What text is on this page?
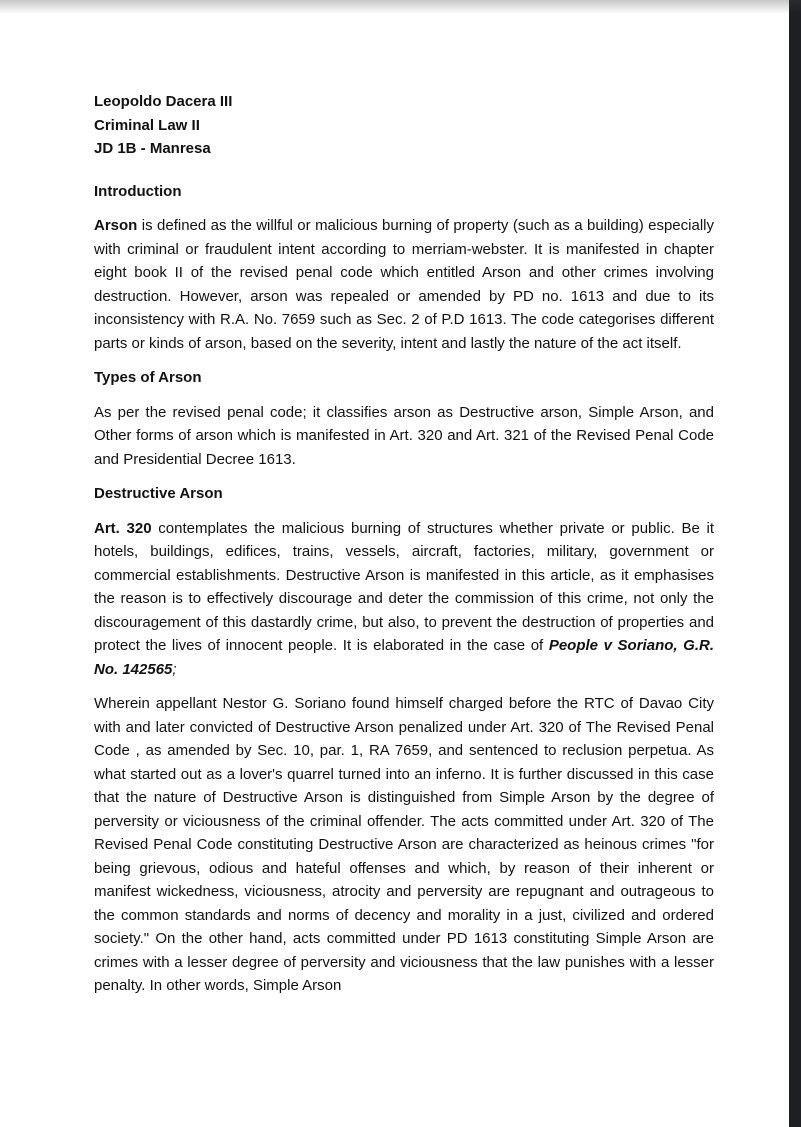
Leopoldo Dacera III

Criminal Law II

JD 1B - Manresa

Introduction

Arson is defined as the willful or malicious burning of property (such as a building) especially with criminal or fraudulent intent according to merriam-webster. It is manifested in chapter eight book II of the revised penal code which entitled Arson and other crimes involving destruction. However, arson was repealed or amended by PD no. 1613 and due to its inconsistency with R.A. No. 7659 such as Sec. 2 of P.D 1613. The code categorises different parts or kinds of arson, based on the severity, intent and lastly the nature of the act itself.

Types of Arson

As per the revised penal code; it classifies arson as Destructive arson, Simple Arson, and Other forms of arson which is manifested in Art. 320 and Art. 321 of the Revised Penal Code and Presidential Decree 1613.

Destructive Arson

Art. 320 contemplates the malicious burning of structures whether private or public. Be it hotels, buildings, edifices, trains, vessels, aircraft, factories, military, government or commercial establishments. Destructive Arson is manifested in this article, as it emphasises the reason is to effectively discourage and deter the commission of this crime, not only the discouragement of this dastardly crime, but also, to prevent the destruction of properties and protect the lives of innocent people. It is elaborated in the case of People v Soriano, G.R. No. 142565;

Wherein appellant Nestor G. Soriano found himself charged before the RTC of Davao City with and later convicted of Destructive Arson penalized under Art. 320 of The Revised Penal Code , as amended by Sec. 10, par. 1, RA 7659, and sentenced to reclusion perpetua. As what started out as a lover's quarrel turned into an inferno. It is further discussed in this case that the nature of Destructive Arson is distinguished from Simple Arson by the degree of perversity or viciousness of the criminal offender. The acts committed under Art. 320 of The Revised Penal Code constituting Destructive Arson are characterized as heinous crimes "for being grievous, odious and hateful offenses and which, by reason of their inherent or manifest wickedness, viciousness, atrocity and perversity are repugnant and outrageous to the common standards and norms of decency and morality in a just, civilized and ordered society." On the other hand, acts committed under PD 1613 constituting Simple Arson are crimes with a lesser degree of perversity and viciousness that the law punishes with a lesser penalty. In other words, Simple Arson
